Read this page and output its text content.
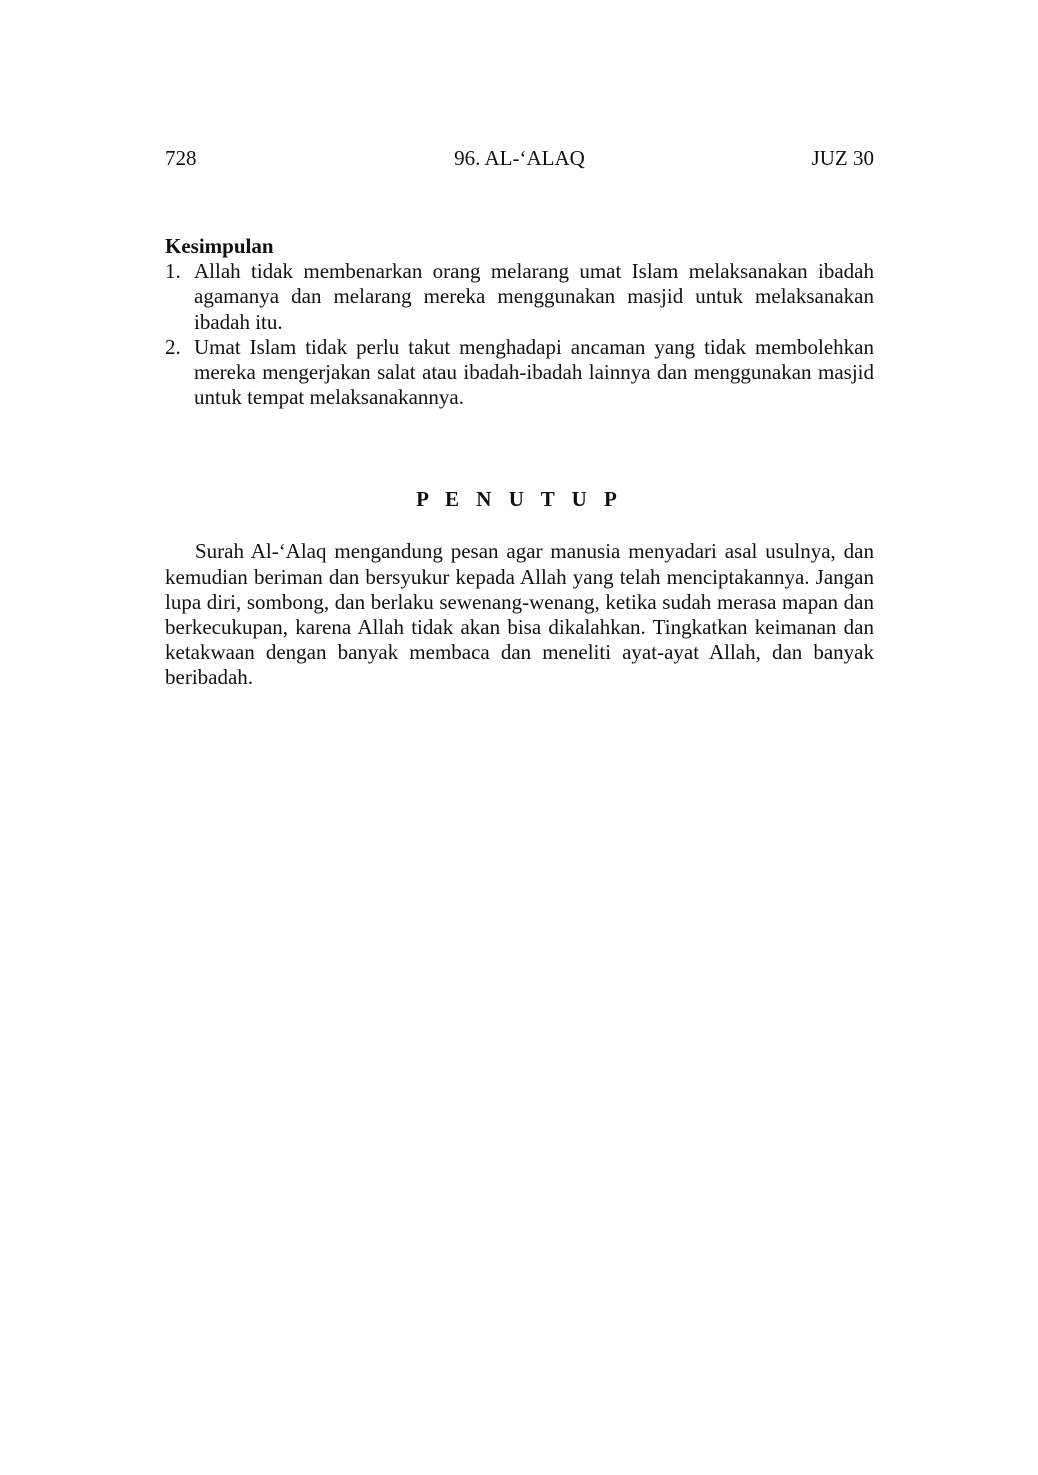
728	96. AL-‘ALAQ	JUZ 30

Kesimpulan

1. Allah tidak membenarkan orang melarang umat Islam melaksanakan ibadah agamanya dan melarang mereka menggunakan masjid untuk melaksanakan ibadah itu.
2. Umat Islam tidak perlu takut menghadapi ancaman yang tidak membolehkan mereka mengerjakan salat atau ibadah-ibadah lainnya dan menggunakan masjid untuk tempat melaksanakannya.

P E N U T U P

Surah Al-‘Alaq mengandung pesan agar manusia menyadari asal usulnya, dan kemudian beriman dan bersyukur kepada Allah yang telah menciptakannya. Jangan lupa diri, sombong, dan berlaku sewenang-wenang, ketika sudah merasa mapan dan berkecukupan, karena Allah tidak akan bisa dikalahkan. Tingkatkan keimanan dan ketakwaan dengan banyak membaca dan meneliti ayat-ayat Allah, dan banyak beribadah.
